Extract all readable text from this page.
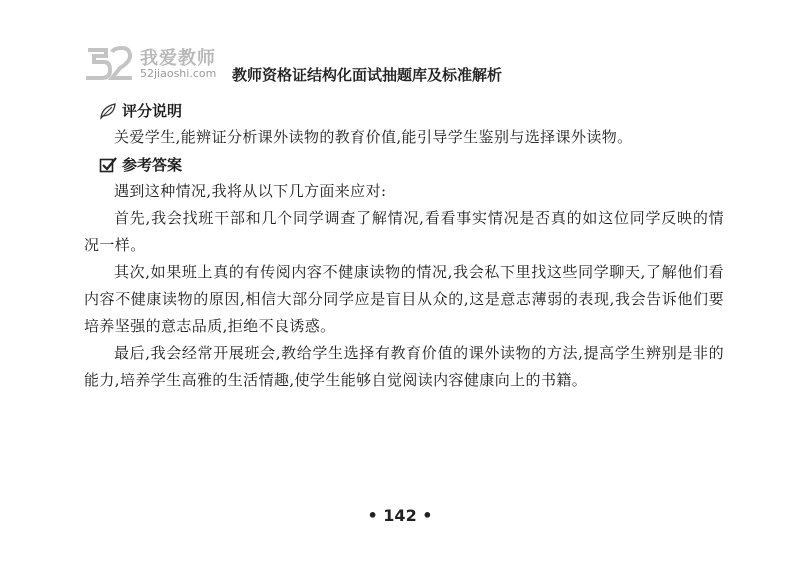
我爱教师
52jiaoshi.com 教师资格证结构化面试抽题库及标准解析
评分说明

关爱学生,能辨证分析课外读物的教育价值,能引导学生鉴别与选择课外读物。

参考答案

遇到这种情况,我将从以下几方面来应对:

首先,我会找班干部和几个同学调查了解情况,看看事实情况是否真的如这位同学反映的情况一样。

其次,如果班上真的有传阅内容不健康读物的情况,我会私下里找这些同学聊天,了解他们看内容不健康读物的原因,相信大部分同学应是盲目从众的,这是意志薄弱的表现,我会告诉他们要培养坚强的意志品质,拒绝不良诱惑。

最后,我会经常开展班会,教给学生选择有教育价值的课外读物的方法,提高学生辨别是非的能力,培养学生高雅的生活情趣,使学生能够自觉阅读内容健康向上的书籍。

• 142 •
